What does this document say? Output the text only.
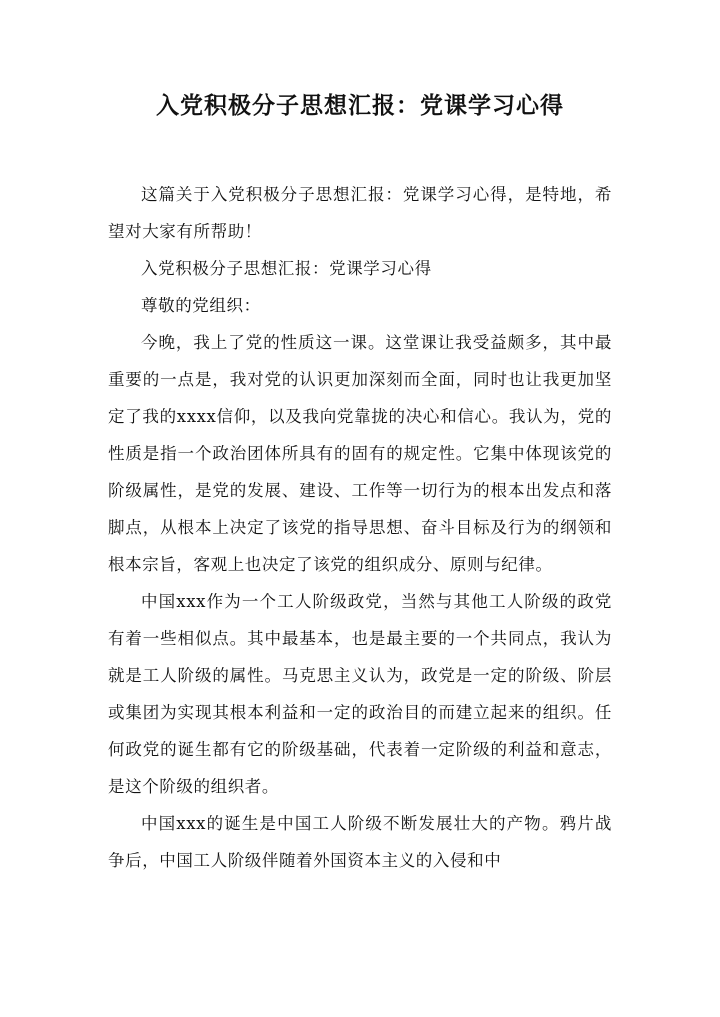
入党积极分子思想汇报：党课学习心得

这篇关于入党积极分子思想汇报：党课学习心得，是特地，希望对大家有所帮助！

入党积极分子思想汇报：党课学习心得

尊敬的党组织：

今晚，我上了党的性质这一课。这堂课让我受益颇多，其中最重要的一点是，我对党的认识更加深刻而全面，同时也让我更加坚定了我的xxxx信仰，以及我向党靠拢的决心和信心。我认为，党的性质是指一个政治团体所具有的固有的规定性。它集中体现该党的阶级属性，是党的发展、建设、工作等一切行为的根本出发点和落脚点，从根本上决定了该党的指导思想、奋斗目标及行为的纲领和根本宗旨，客观上也决定了该党的组织成分、原则与纪律。

中国xxx作为一个工人阶级政党，当然与其他工人阶级的政党有着一些相似点。其中最基本，也是最主要的一个共同点，我认为就是工人阶级的属性。马克思主义认为，政党是一定的阶级、阶层或集团为实现其根本利益和一定的政治目的而建立起来的组织。任何政党的诞生都有它的阶级基础，代表着一定阶级的利益和意志，是这个阶级的组织者。

中国xxx的诞生是中国工人阶级不断发展壮大的产物。鸦片战争后，中国工人阶级伴随着外国资本主义的入侵和中
